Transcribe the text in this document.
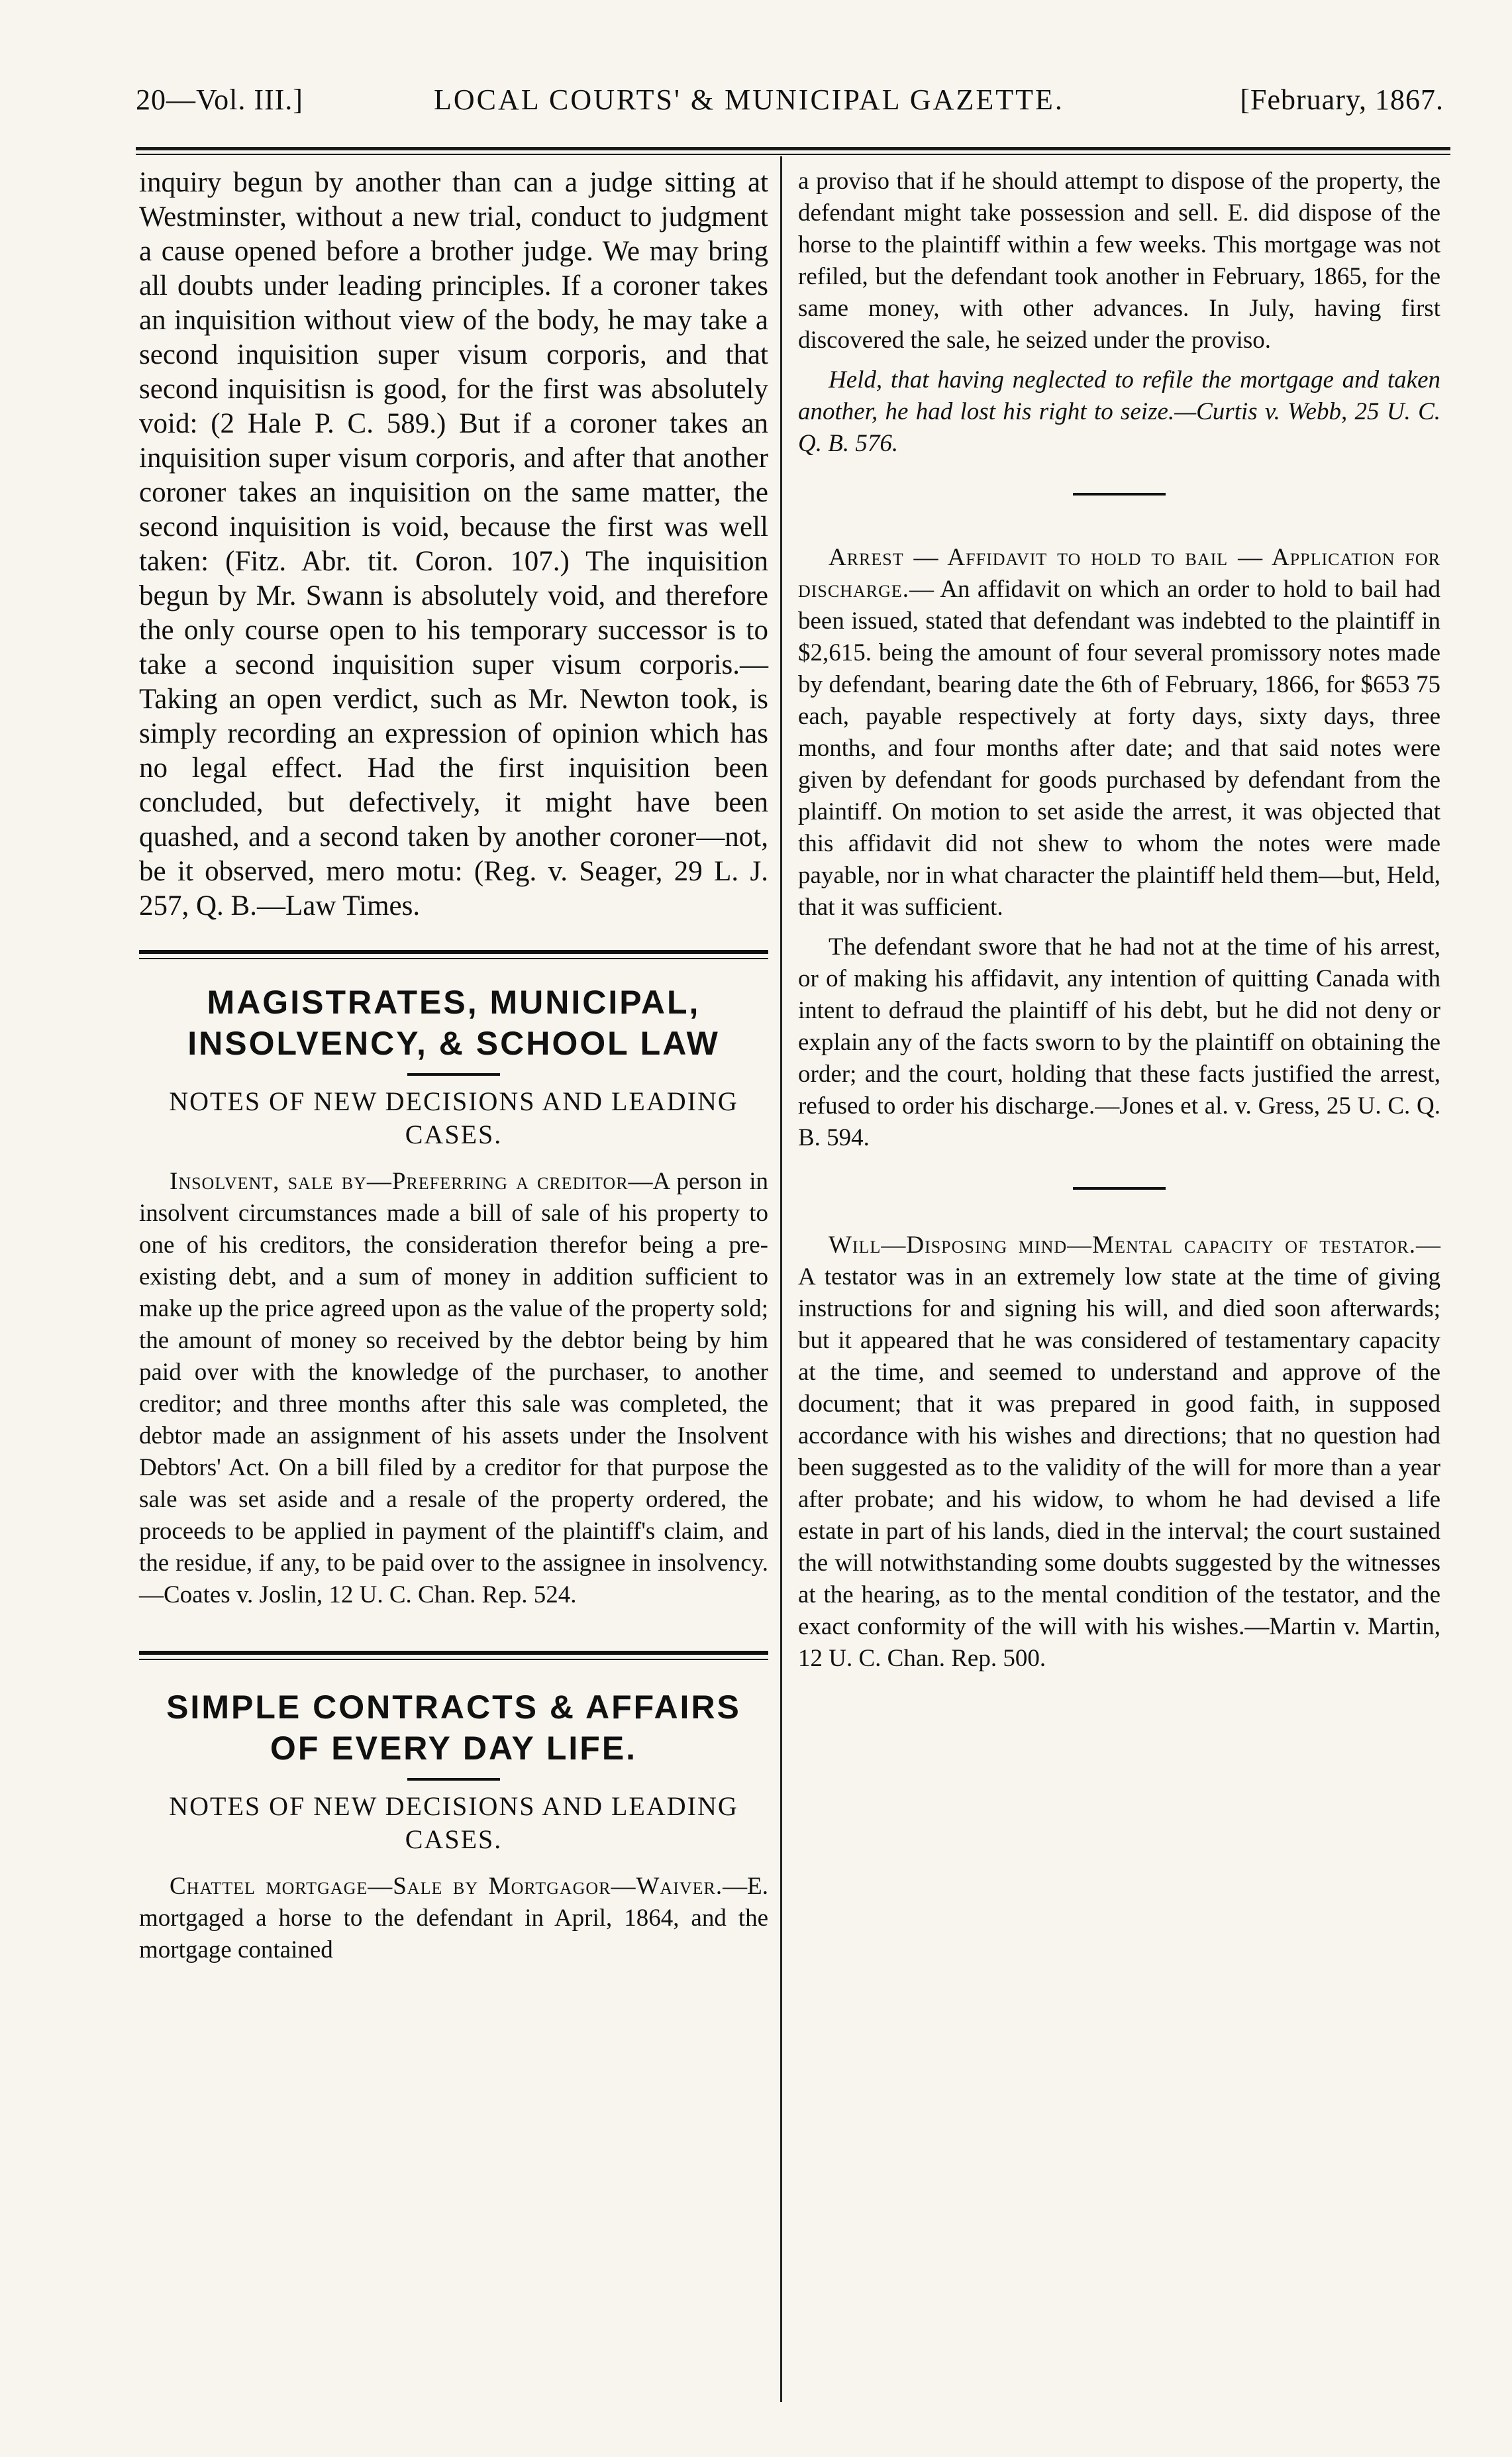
20—Vol. III.]	LOCAL COURTS' & MUNICIPAL GAZETTE.	[February, 1867.

inquiry begun by another than can a judge sitting at Westminster, without a new trial, conduct to judgment a cause opened before a brother judge. We may bring all doubts under leading principles. If a coroner takes an inquisition without view of the body, he may take a second inquisition super visum corporis, and that second inquisitisn is good, for the first was absolutely void: (2 Hale P. C. 589.) But if a coroner takes an inquisition super visum corporis, and after that another coroner takes an inquisition on the same matter, the second inquisition is void, because the first was well taken: (Fitz. Abr. tit. Coron. 107.) The inquisition begun by Mr. Swann is absolutely void, and therefore the only course open to his temporary successor is to take a second inquisition super visum corporis.—Taking an open verdict, such as Mr. Newton took, is simply recording an expression of opinion which has no legal effect. Had the first inquisition been concluded, but defectively, it might have been quashed, and a second taken by another coroner—not, be it observed, mero motu: (Reg. v. Seager, 29 L. J. 257, Q. B.—Law Times.

MAGISTRATES, MUNICIPAL, INSOLVENCY, & SCHOOL LAW

NOTES OF NEW DECISIONS AND LEADING CASES.

Insolvent, sale by—Preferring a creditor—A person in insolvent circumstances made a bill of sale of his property to one of his creditors, the consideration therefor being a pre-existing debt, and a sum of money in addition sufficient to make up the price agreed upon as the value of the property sold; the amount of money so received by the debtor being by him paid over with the knowledge of the purchaser, to another creditor; and three months after this sale was completed, the debtor made an assignment of his assets under the Insolvent Debtors' Act. On a bill filed by a creditor for that purpose the sale was set aside and a resale of the property ordered, the proceeds to be applied in payment of the plaintiff's claim, and the residue, if any, to be paid over to the assignee in insolvency.—Coates v. Joslin, 12 U. C. Chan. Rep. 524.

SIMPLE CONTRACTS & AFFAIRS OF EVERY DAY LIFE.

NOTES OF NEW DECISIONS AND LEADING CASES.

Chattel mortgage—Sale by Mortgagor—Waiver.—E. mortgaged a horse to the defendant in April, 1864, and the mortgage contained

a proviso that if he should attempt to dispose of the property, the defendant might take possession and sell. E. did dispose of the horse to the plaintiff within a few weeks. This mortgage was not refiled, but the defendant took another in February, 1865, for the same money, with other advances. In July, having first discovered the sale, he seized under the proviso.

Held, that having neglected to refile the mortgage and taken another, he had lost his right to seize.—Curtis v. Webb, 25 U. C. Q. B. 576.

Arrest — Affidavit to hold to bail — Application for discharge.— An affidavit on which an order to hold to bail had been issued, stated that defendant was indebted to the plaintiff in $2,615. being the amount of four several promissory notes made by defendant, bearing date the 6th of February, 1866, for $653 75 each, payable respectively at forty days, sixty days, three months, and four months after date; and that said notes were given by defendant for goods purchased by defendant from the plaintiff. On motion to set aside the arrest, it was objected that this affidavit did not shew to whom the notes were made payable, nor in what character the plaintiff held them—but, Held, that it was sufficient.

The defendant swore that he had not at the time of his arrest, or of making his affidavit, any intention of quitting Canada with intent to defraud the plaintiff of his debt, but he did not deny or explain any of the facts sworn to by the plaintiff on obtaining the order; and the court, holding that these facts justified the arrest, refused to order his discharge.—Jones et al. v. Gress, 25 U. C. Q. B. 594.

Will—Disposing mind—Mental capacity of testator.—A testator was in an extremely low state at the time of giving instructions for and signing his will, and died soon afterwards; but it appeared that he was considered of testamentary capacity at the time, and seemed to understand and approve of the document; that it was prepared in good faith, in supposed accordance with his wishes and directions; that no question had been suggested as to the validity of the will for more than a year after probate; and his widow, to whom he had devised a life estate in part of his lands, died in the interval; the court sustained the will notwithstanding some doubts suggested by the witnesses at the hearing, as to the mental condition of the testator, and the exact conformity of the will with his wishes.—Martin v. Martin, 12 U. C. Chan. Rep. 500.
